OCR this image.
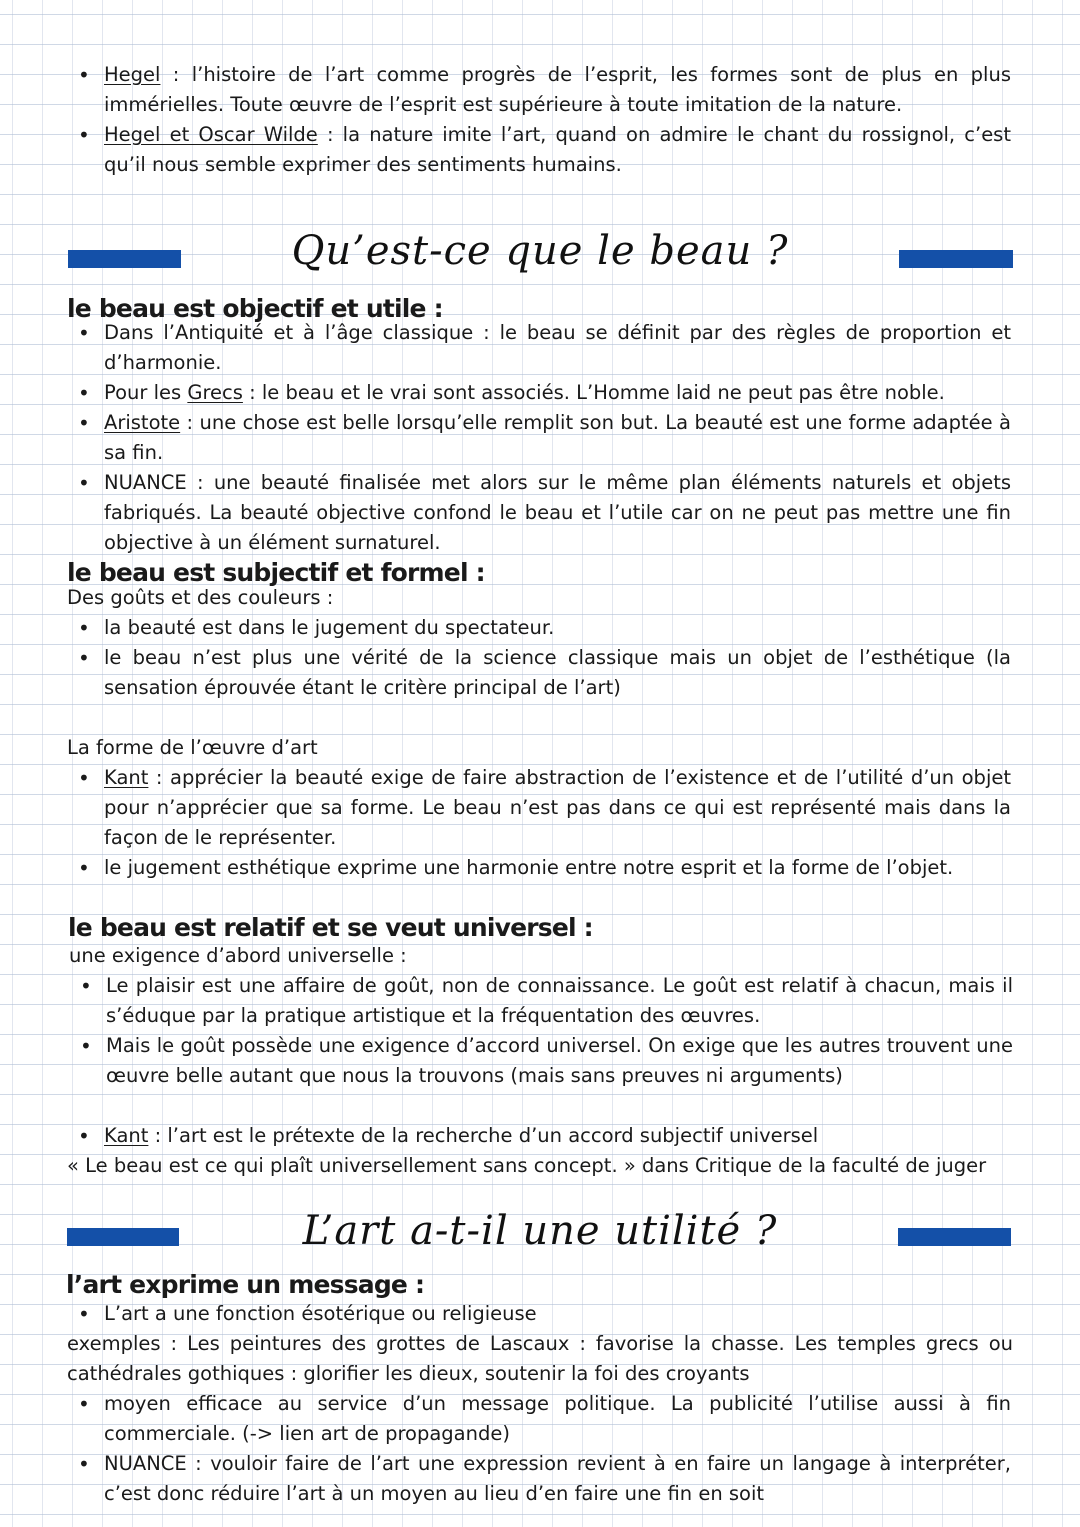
• Hegel : l’histoire de l’art comme progrès de l’esprit, les formes sont de plus en plus immérielles. Toute œuvre de l’esprit est supérieure à toute imitation de la nature.
• Hegel et Oscar Wilde : la nature imite l’art, quand on admire le chant du rossignol, c’est qu’il nous semble exprimer des sentiments humains.
Qu’est-ce que le beau ?
le beau est objectif et utile :
• Dans l’Antiquité et à l’âge classique : le beau se définit par des règles de proportion et d’harmonie.
• Pour les Grecs : le beau et le vrai sont associés. L’Homme laid ne peut pas être noble.
• Aristote : une chose est belle lorsqu’elle remplit son but. La beauté est une forme adaptée à sa fin.
• NUANCE : une beauté finalisée met alors sur le même plan éléments naturels et objets fabriqués. La beauté objective confond le beau et l’utile car on ne peut pas mettre une fin objective à un élément surnaturel.
le beau est subjectif et formel :
Des goûts et des couleurs :
• la beauté est dans le jugement du spectateur.
• le beau n’est plus une vérité de la science classique mais un objet de l’esthétique (la sensation éprouvée étant le critère principal de l’art)
La forme de l’œuvre d’art
• Kant : apprécier la beauté exige de faire abstraction de l’existence et de l’utilité d’un objet pour n’apprécier que sa forme. Le beau n’est pas dans ce qui est représenté mais dans la façon de le représenter.
• le jugement esthétique exprime une harmonie entre notre esprit et la forme de l’objet.
le beau est relatif et se veut universel :
une exigence d’abord universelle :
• Le plaisir est une affaire de goût, non de connaissance. Le goût est relatif à chacun, mais il s’éduque par la pratique artistique et la fréquentation des œuvres.
• Mais le goût possède une exigence d’accord universel. On exige que les autres trouvent une œuvre belle autant que nous la trouvons (mais sans preuves ni arguments)
• Kant : l’art est le prétexte de la recherche d’un accord subjectif universel
« Le beau est ce qui plaît universellement sans concept. » dans Critique de la faculté de juger
L’art a-t-il une utilité ?
l’art exprime un message :
• L’art a une fonction ésotérique ou religieuse
exemples : Les peintures des grottes de Lascaux : favorise la chasse. Les temples grecs ou cathédrales gothiques : glorifier les dieux, soutenir la foi des croyants
• moyen efficace au service d’un message politique. La publicité l’utilise aussi à fin commerciale. (-> lien art de propagande)
• NUANCE : vouloir faire de l’art une expression revient à en faire un langage à interpréter, c’est donc réduire l’art à un moyen au lieu d’en faire une fin en soit
